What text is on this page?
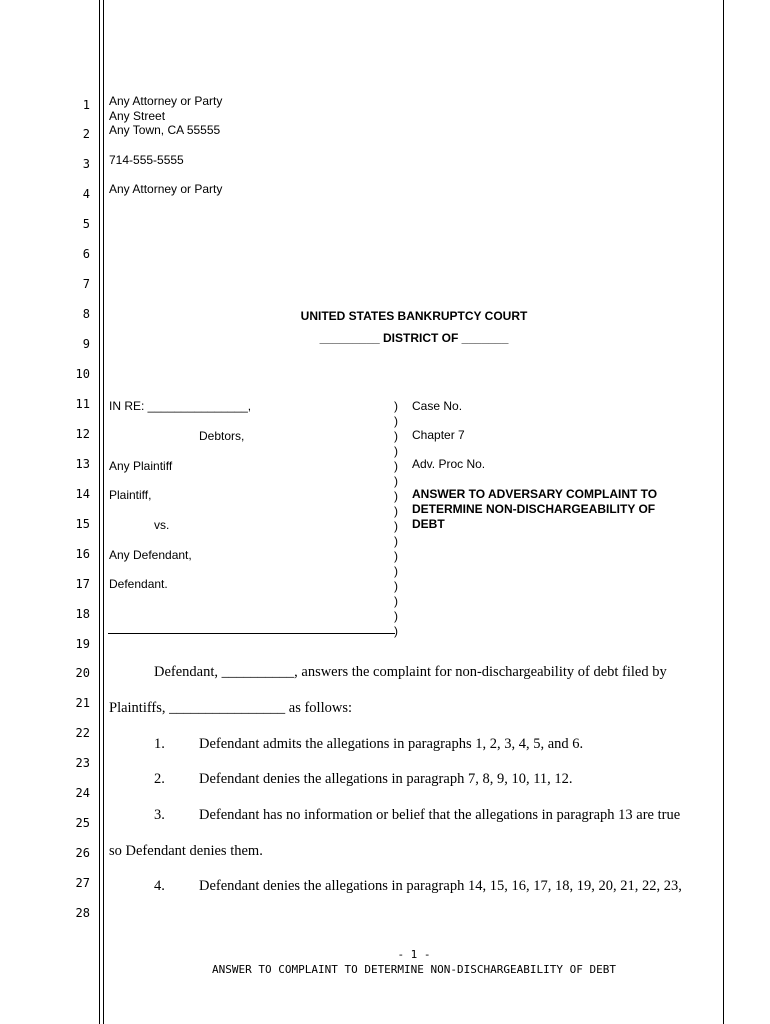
1
2
3
4
5
6
7
8
9
10
11
12
13
14
15
16
17
18
19
20
21
22
23
24
25
26
27
28
Any Attorney or Party
Any Street
Any Town, CA 55555
714-555-5555
Any Attorney or Party
UNITED STATES BANKRUPTCY COURT
_________ DISTRICT OF _______
IN RE: _______________,
Debtors,
Any Plaintiff
Plaintiff,
vs.
Any Defendant,
Defendant.
)
)
)
)
)
)
)
)
)
)
)
)
)
)
)
)
Case No.
Chapter 7
Adv. Proc No.
ANSWER TO ADVERSARY COMPLAINT TO
DETERMINE NON-DISCHARGEABILITY OF
DEBT
Defendant, __________, answers the complaint for non-dischargeability of debt filed by
Plaintiffs, ________________ as follows:
1. Defendant admits the allegations in paragraphs 1, 2, 3, 4, 5, and 6.
2. Defendant denies the allegations in paragraph 7, 8, 9, 10, 11, 12.
3. Defendant has no information or belief that the allegations in paragraph 13 are true
so Defendant denies them.
4. Defendant denies the allegations in paragraph 14, 15, 16, 17, 18, 19, 20, 21, 22, 23,
- 1 -
ANSWER TO COMPLAINT TO DETERMINE NON-DISCHARGEABILITY OF DEBT
